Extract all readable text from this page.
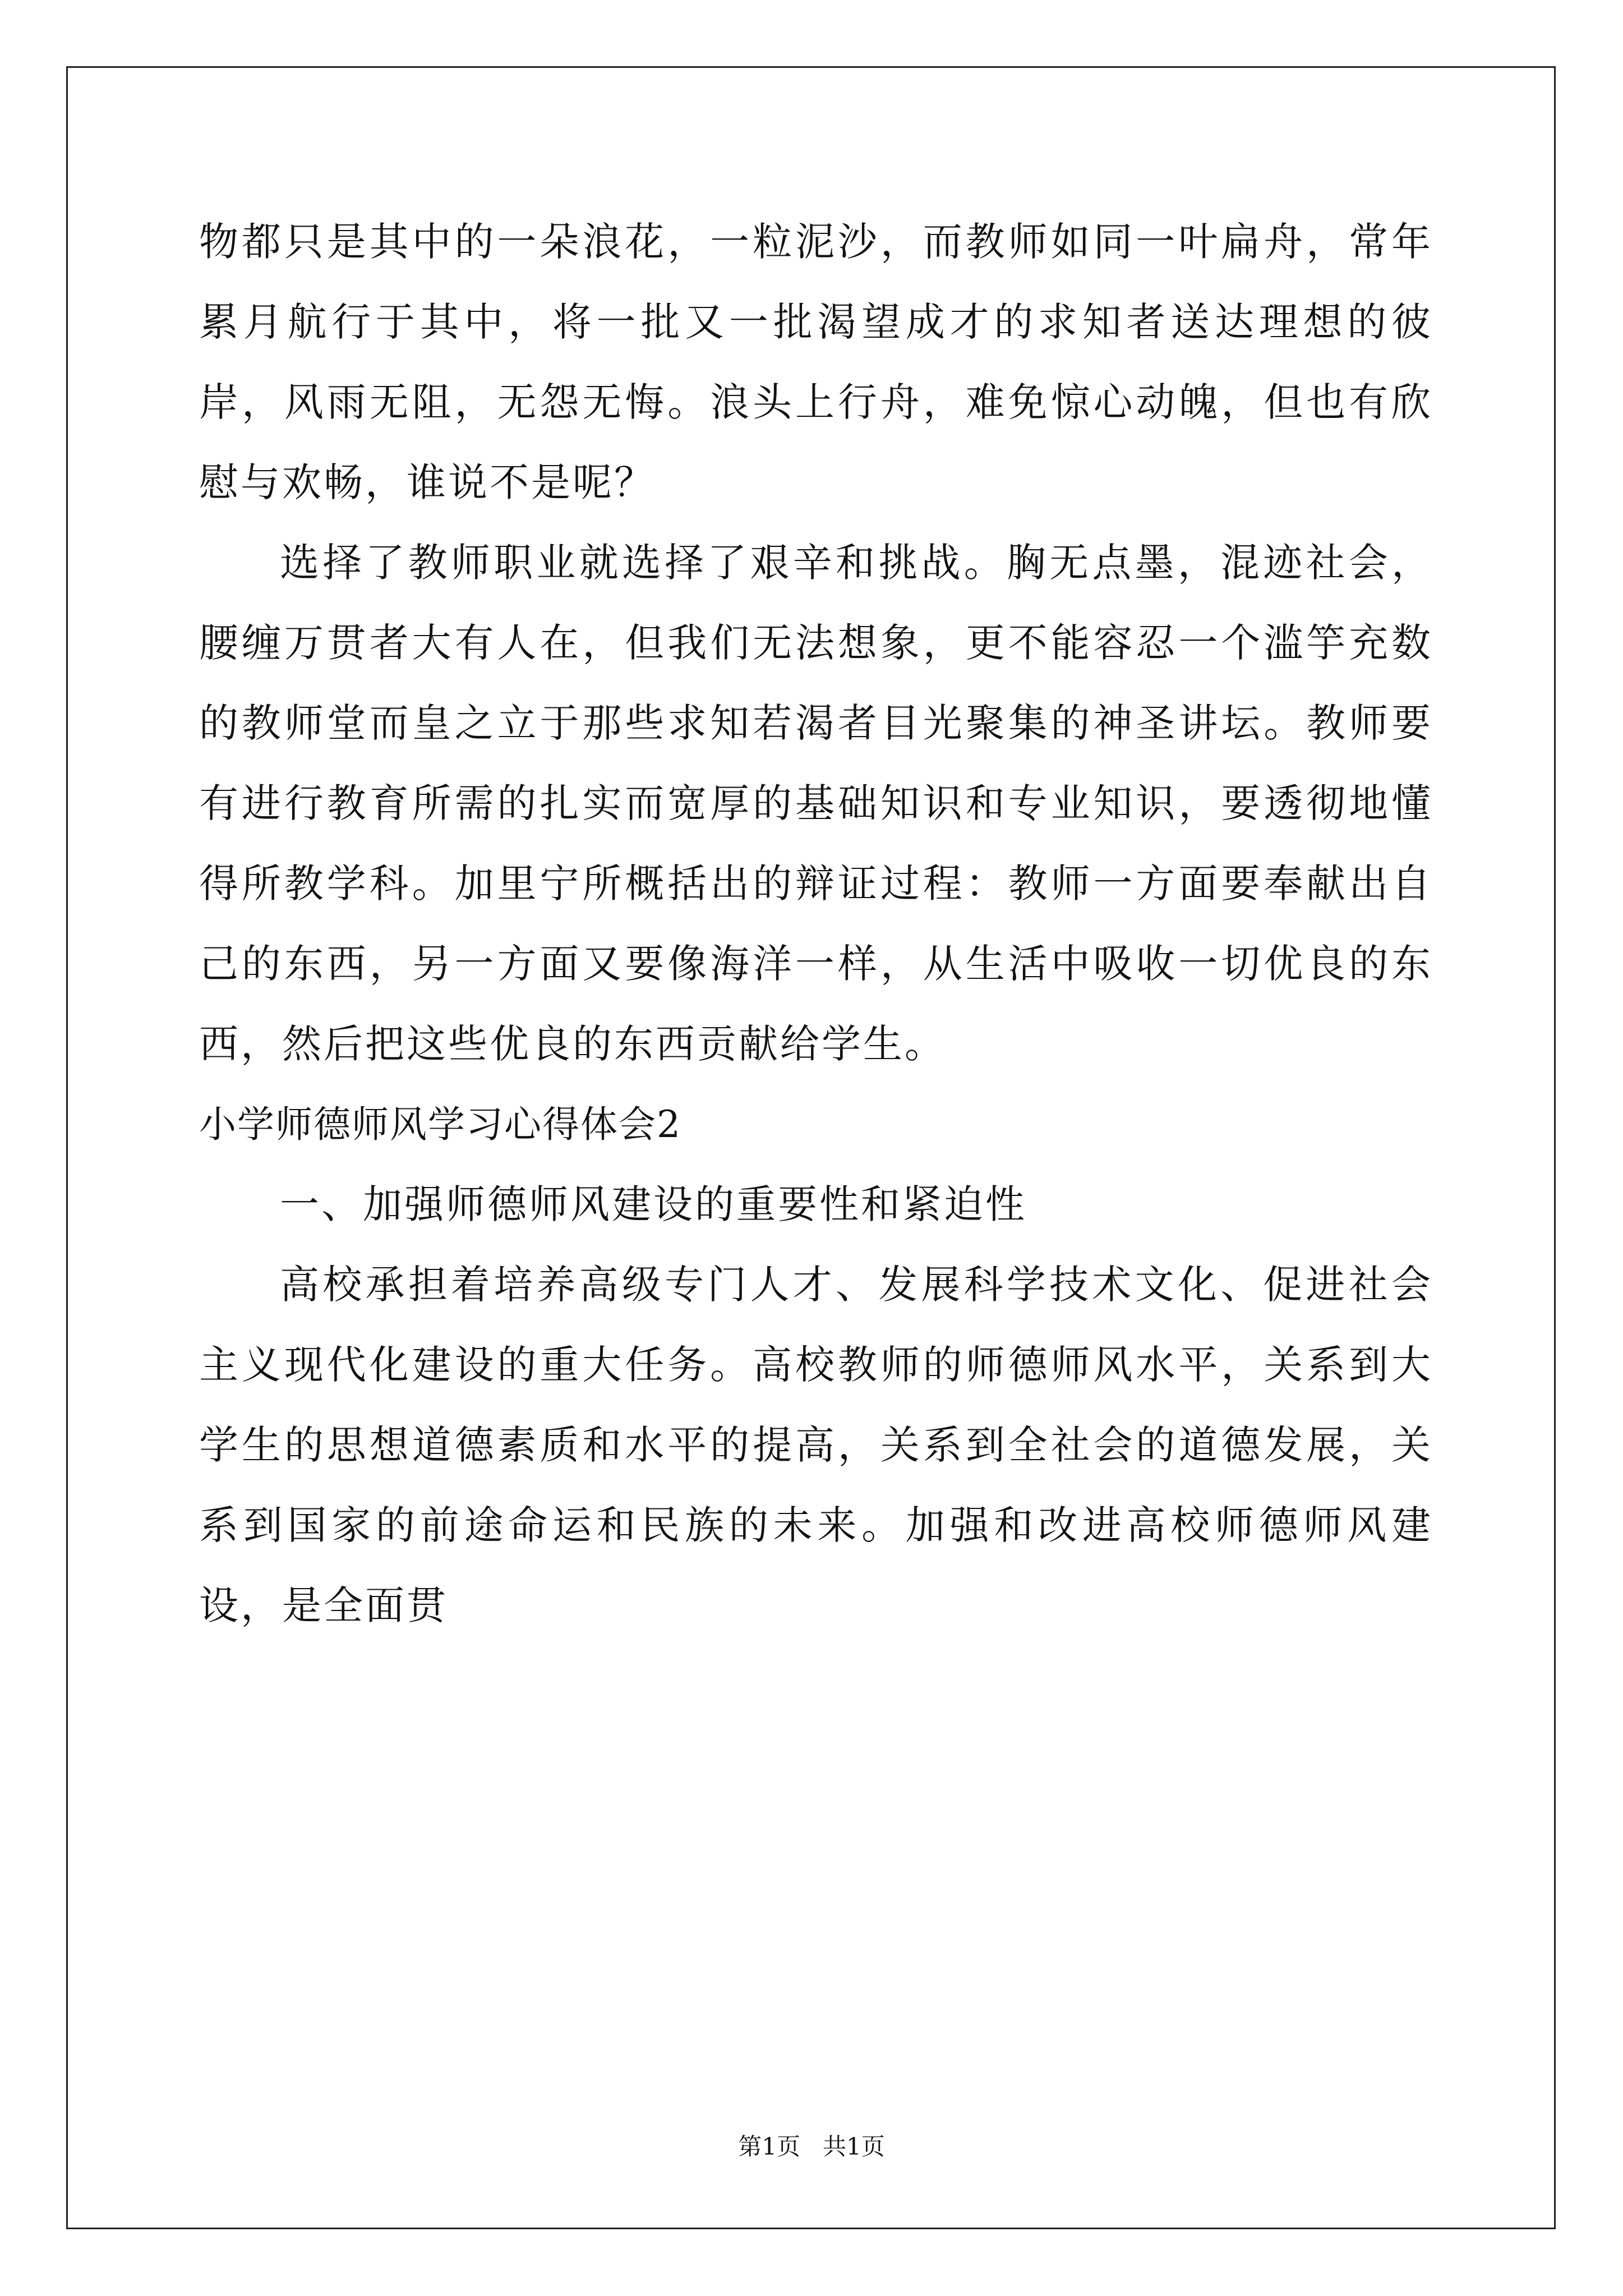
物都只是其中的一朵浪花，一粒泥沙，而教师如同一叶扁舟，常年累月航行于其中，将一批又一批渴望成才的求知者送达理想的彼岸，风雨无阻，无怨无悔。浪头上行舟，难免惊心动魄，但也有欣慰与欢畅，谁说不是呢？

选择了教师职业就选择了艰辛和挑战。胸无点墨，混迹社会，腰缠万贯者大有人在，但我们无法想象，更不能容忍一个滥竽充数的教师堂而皇之立于那些求知若渴者目光聚集的神圣讲坛。教师要有进行教育所需的扎实而宽厚的基础知识和专业知识，要透彻地懂得所教学科。加里宁所概括出的辩证过程：教师一方面要奉献出自己的东西，另一方面又要像海洋一样，从生活中吸收一切优良的东西，然后把这些优良的东西贡献给学生。

小学师德师风学习心得体会2

一、加强师德师风建设的重要性和紧迫性

高校承担着培养高级专门人才、发展科学技术文化、促进社会主义现代化建设的重大任务。高校教师的师德师风水平，关系到大学生的思想道德素质和水平的提高，关系到全社会的道德发展，关系到国家的前途命运和民族的未来。加强和改进高校师德师风建设，是全面贯

第1页 共1页
